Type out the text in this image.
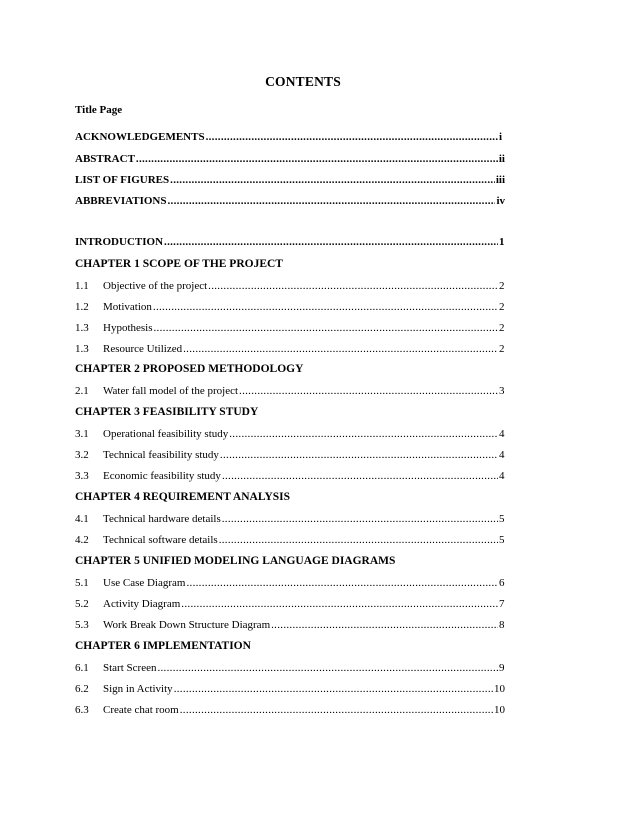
CONTENTS
Title Page
ACKNOWLEDGEMENTS .....	i
ABSTRACT .....	ii
LIST OF FIGURES .....	iii
ABBREVIATIONS .....	iv
INTRODUCTION .....	1
CHAPTER 1 SCOPE OF THE PROJECT
1.1	Objective of the project .....	2
1.2	Motivation .....	2
1.3	Hypothesis .....	2
1.3	Resource Utilized .....	2
CHAPTER 2 PROPOSED METHODOLOGY
2.1	Water fall model of the project .....	3
CHAPTER 3 FEASIBILITY STUDY
3.1	Operational feasibility study .....	4
3.2	Technical feasibility study .....	4
3.3	Economic feasibility study .....	4
CHAPTER 4 REQUIREMENT ANALYSIS
4.1	Technical hardware details .....	5
4.2	Technical software details .....	5
CHAPTER 5 UNIFIED MODELING LANGUAGE DIAGRAMS
5.1	Use Case Diagram .....	6
5.2	Activity Diagram .....	7
5.3	Work Break Down Structure Diagram .....	8
CHAPTER 6 IMPLEMENTATION
6.1	Start Screen .....	9
6.2	Sign in Activity .....	10
6.3	Create chat room .....	10
